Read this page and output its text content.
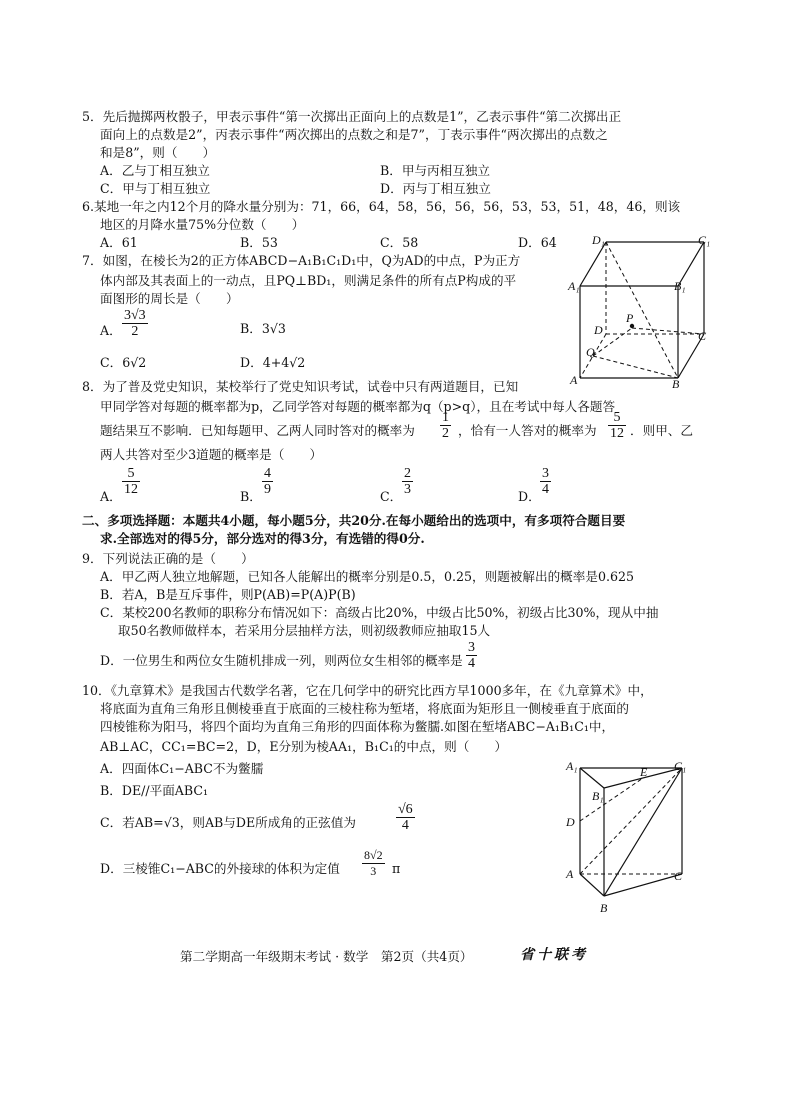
5．先后抛掷两枚骰子，甲表示事件“第一次掷出正面向上的点数是1”，乙表示事件“第二次掷出正
面向上的点数是2”，丙表示事件“两次掷出的点数之和是7”，丁表示事件“两次掷出的点数之
和是8”，则（　　）
A．乙与丁相互独立	B．甲与丙相互独立
C．甲与丁相互独立	D．丙与丁相互独立
6.某地一年之内12个月的降水量分别为：71，66，64，58，56，56，56，53，53，51，48，46，则该
地区的月降水量75%分位数（　　）
A．61	B．53	C．58	D．64
7．如图，在棱长为2的正方体ABCD−A₁B₁C₁D₁中，Q为AD的中点，P为正方
体内部及其表面上的一动点，且PQ⊥BD₁，则满足条件的所有点P构成的平
面图形的周长是（　　）
A． $\frac{3√3}{2}$	B．3√3
C．6√2	D．4+4√2
D₁	C₁
A₁	B₁
P
D	C
Q
A	B
8．为了普及党史知识，某校举行了党史知识考试，试卷中只有两道题目，已知
甲同学答对每题的概率都为p，乙同学答对每题的概率都为q（p>q），且在考试中每人各题答
题结果互不影响．已知每题甲、乙两人同时答对的概率为 $\frac{1}{2}$ ，恰有一人答对的概率为 $\frac{5}{12}$ ．则甲、乙
两人共答对至少3道题的概率是（　　）
A． $\frac{5}{12}$	B． $\frac{4}{9}$	C． $\frac{2}{3}$	D． $\frac{3}{4}$
二、多项选择题：本题共4小题，每小题5分，共20分.在每小题给出的选项中，有多项符合题目要
求.全部选对的得5分，部分选对的得3分，有选错的得0分.
9．下列说法正确的是（　　）
A．甲乙两人独立地解题，已知各人能解出的概率分别是0.5，0.25，则题被解出的概率是0.625
B．若A，B是互斥事件，则P(AB)=P(A)P(B)
C．某校200名教师的职称分布情况如下：高级占比20%，中级占比50%，初级占比30%，现从中抽
取50名教师做样本，若采用分层抽样方法，则初级教师应抽取15人
D．一位男生和两位女生随机排成一列，则两位女生相邻的概率是 $\frac{3}{4}$
10．《九章算术》是我国古代数学名著，它在几何学中的研究比西方早1000多年，在《九章算术》中，
将底面为直角三角形且侧棱垂直于底面的三棱柱称为堑堵，将底面为矩形且一侧棱垂直于底面的
四棱锥称为阳马，将四个面均为直角三角形的四面体称为鳖臑.如图在堑堵ABC−A₁B₁C₁中，
AB⊥AC，CC₁=BC=2，D，E分别为棱AA₁，B₁C₁的中点，则（　　）
A．四面体C₁−ABC不为鳖臑
B．DE//平面ABC₁
C．若AB=√3，则AB与DE所成角的正弦值为	$\frac{√6}{4}$
D．三棱锥C₁−ABC的外接球的体积为定值 $\frac{8√2}{3}$ π
A₁	E C₁
B₁
D
A	C
B
第二学期高一年级期末考试 · 数学　第2页（共4页）	省十联考
